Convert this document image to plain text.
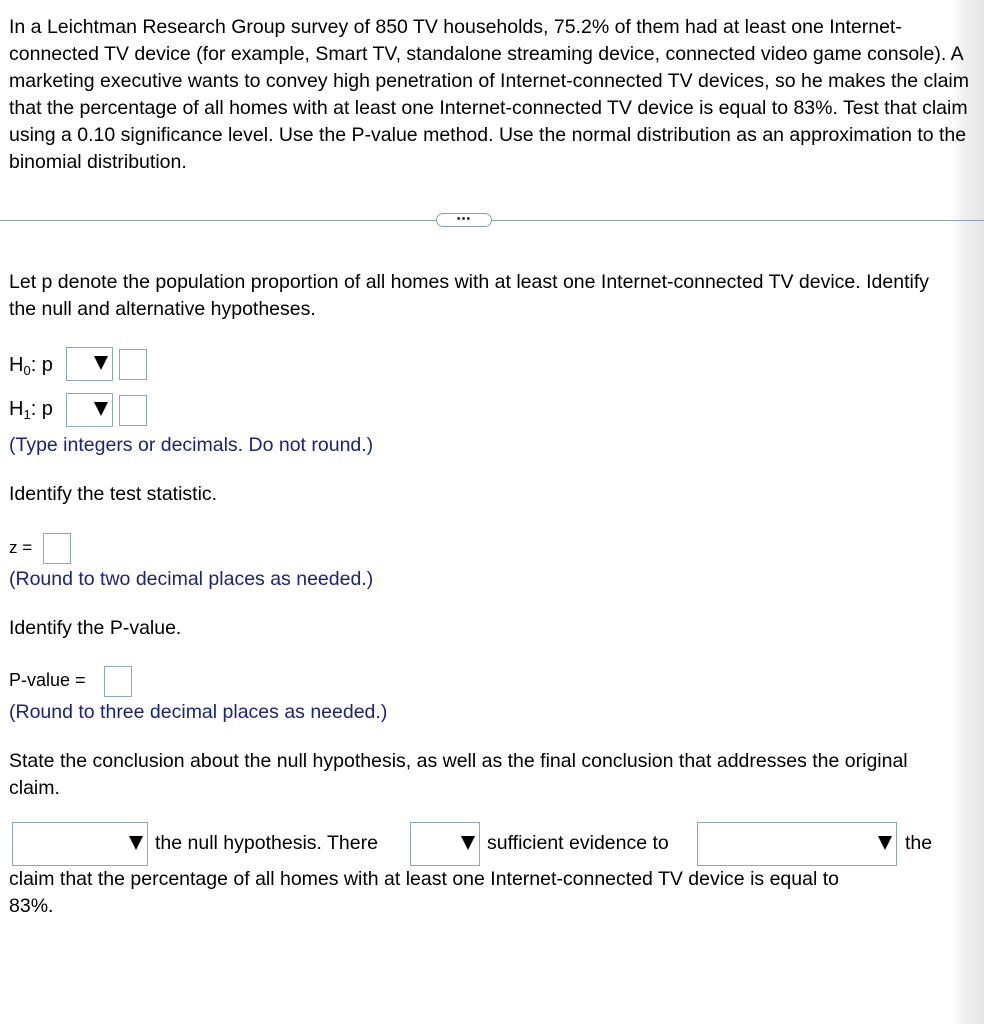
In a Leichtman Research Group survey of 850 TV households, 75.2% of them had at least one Internet-connected TV device (for example, Smart TV, standalone streaming device, connected video game console). A marketing executive wants to convey high penetration of Internet-connected TV devices, so he makes the claim that the percentage of all homes with at least one Internet-connected TV device is equal to 83%. Test that claim using a 0.10 significance level. Use the P-value method. Use the normal distribution as an approximation to the binomial distribution.

•••

Let p denote the population proportion of all homes with at least one Internet-connected TV device. Identify the null and alternative hypotheses.

$H_0$: p
$H_1$: p
(Type integers or decimals. Do not round.)
Identify the test statistic.
z =
(Round to two decimal places as needed.)
Identify the P-value.
P-value =
(Round to three decimal places as needed.)

State the conclusion about the null hypothesis, as well as the final conclusion that addresses the original claim.

the null hypothesis. There	sufficient evidence to	the
claim that the percentage of all homes with at least one Internet-connected TV device is equal to
83%.
